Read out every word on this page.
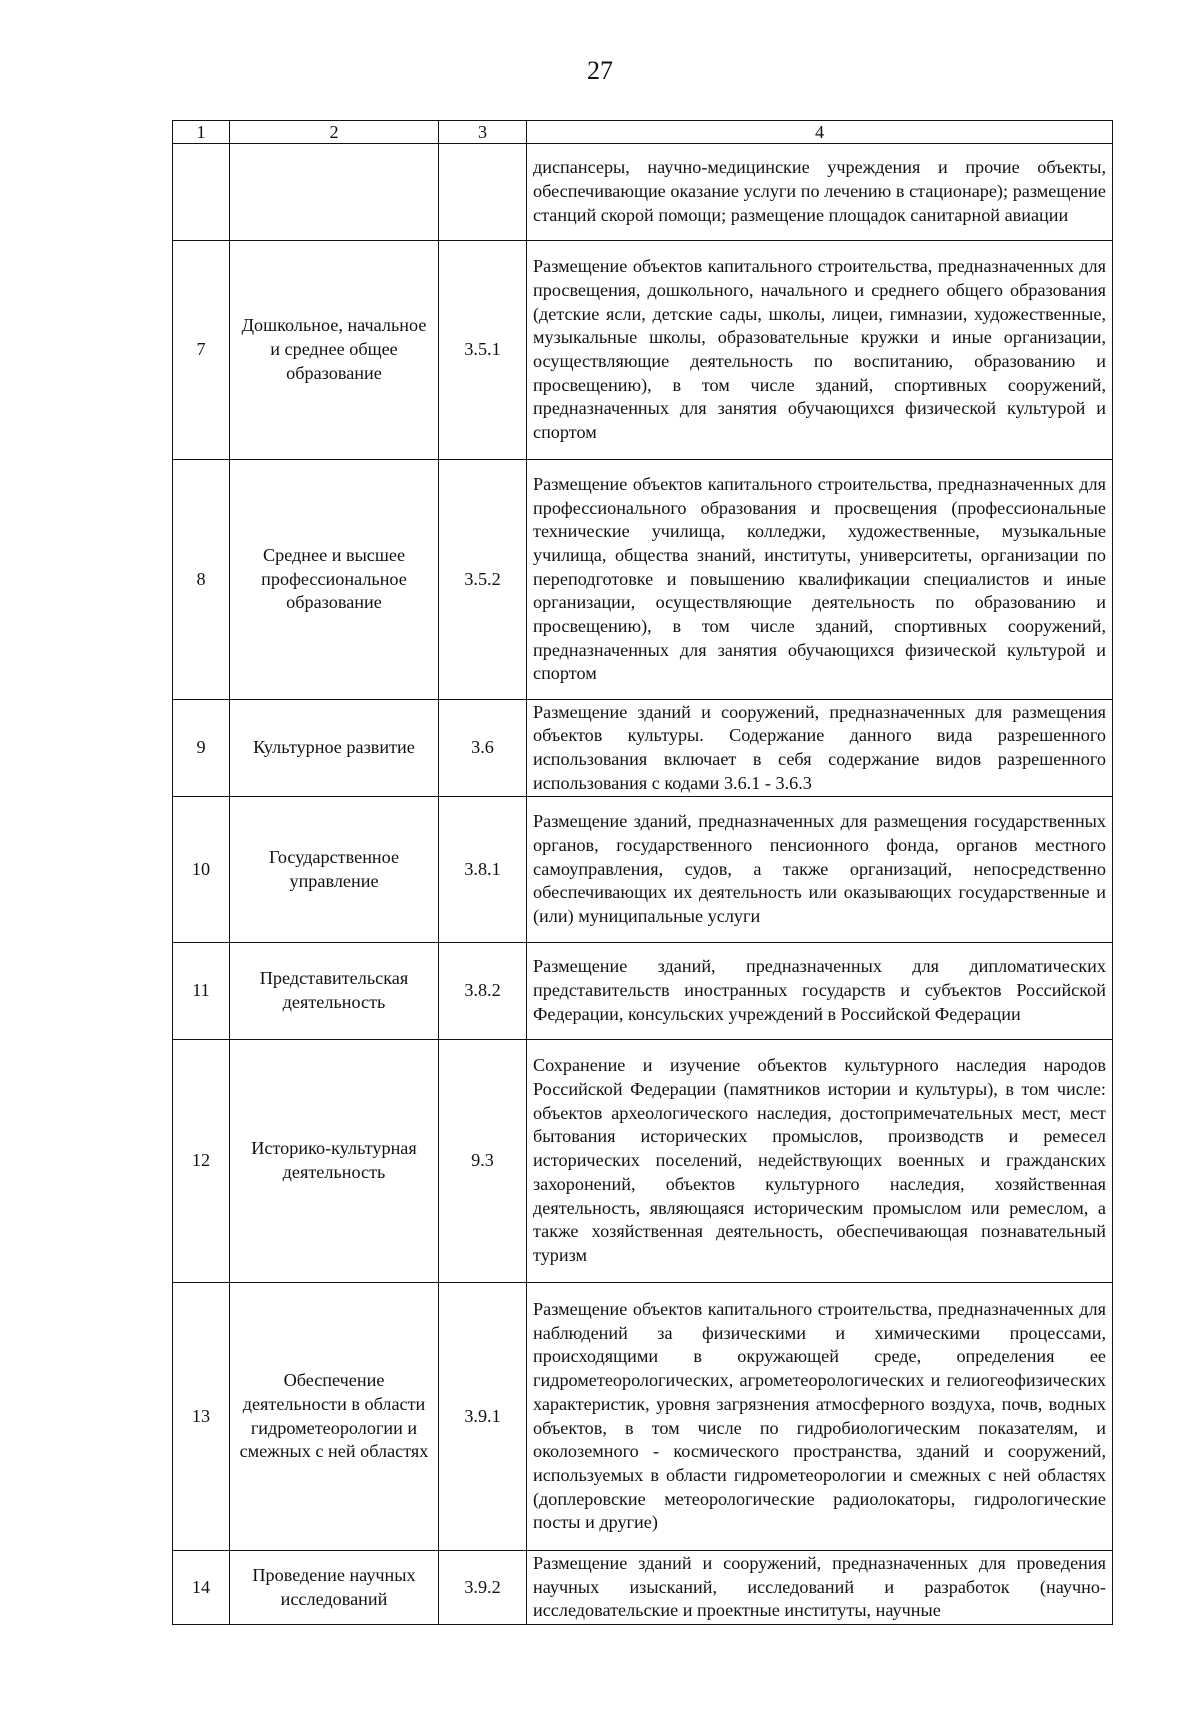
27
1	2	3	4
			диспансеры, научно-медицинские учреждения и прочие объекты, обеспечивающие оказание услуги по лечению в стационаре); размещение станций скорой помощи; размещение площадок санитарной авиации
7	Дошкольное, начальное и среднее общее образование	3.5.1	Размещение объектов капитального строительства, предназначенных для просвещения, дошкольного, начального и среднего общего образования (детские ясли, детские сады, школы, лицеи, гимназии, художественные, музыкальные школы, образовательные кружки и иные организации, осуществляющие деятельность по воспитанию, образованию и просвещению), в том числе зданий, спортивных сооружений, предназначенных для занятия обучающихся физической культурой и спортом
8	Среднее и высшее профессиональное образование	3.5.2	Размещение объектов капитального строительства, предназначенных для профессионального образования и просвещения (профессиональные технические училища, колледжи, художественные, музыкальные училища, общества знаний, институты, университеты, организации по переподготовке и повышению квалификации специалистов и иные организации, осуществляющие деятельность по образованию и просвещению), в том числе зданий, спортивных сооружений, предназначенных для занятия обучающихся физической культурой и спортом
9	Культурное развитие	3.6	Размещение зданий и сооружений, предназначенных для размещения объектов культуры. Содержание данного вида разрешенного использования включает в себя содержание видов разрешенного использования с кодами 3.6.1 - 3.6.3
10	Государственное управление	3.8.1	Размещение зданий, предназначенных для размещения государственных органов, государственного пенсионного фонда, органов местного самоуправления, судов, а также организаций, непосредственно обеспечивающих их деятельность или оказывающих государственные и (или) муниципальные услуги
11	Представительская деятельность	3.8.2	Размещение зданий, предназначенных для дипломатических представительств иностранных государств и субъектов Российской Федерации, консульских учреждений в Российской Федерации
12	Историко-культурная деятельность	9.3	Сохранение и изучение объектов культурного наследия народов Российской Федерации (памятников истории и культуры), в том числе: объектов археологического наследия, достопримечательных мест, мест бытования исторических промыслов, производств и ремесел исторических поселений, недействующих военных и гражданских захоронений, объектов культурного наследия, хозяйственная деятельность, являющаяся историческим промыслом или ремеслом, а также хозяйственная деятельность, обеспечивающая познавательный туризм
13	Обеспечение деятельности в области гидрометеорологии и смежных с ней областях	3.9.1	Размещение объектов капитального строительства, предназначенных для наблюдений за физическими и химическими процессами, происходящими в окружающей среде, определения ее гидрометеорологических, агрометеорологических и гелиогеофизических характеристик, уровня загрязнения атмосферного воздуха, почв, водных объектов, в том числе по гидробиологическим показателям, и околоземного - космического пространства, зданий и сооружений, используемых в области гидрометеорологии и смежных с ней областях (доплеровские метеорологические радиолокаторы, гидрологические посты и другие)
14	Проведение научных исследований	3.9.2	Размещение зданий и сооружений, предназначенных для проведения научных изысканий, исследований и разработок (научно-исследовательские и проектные институты, научные
